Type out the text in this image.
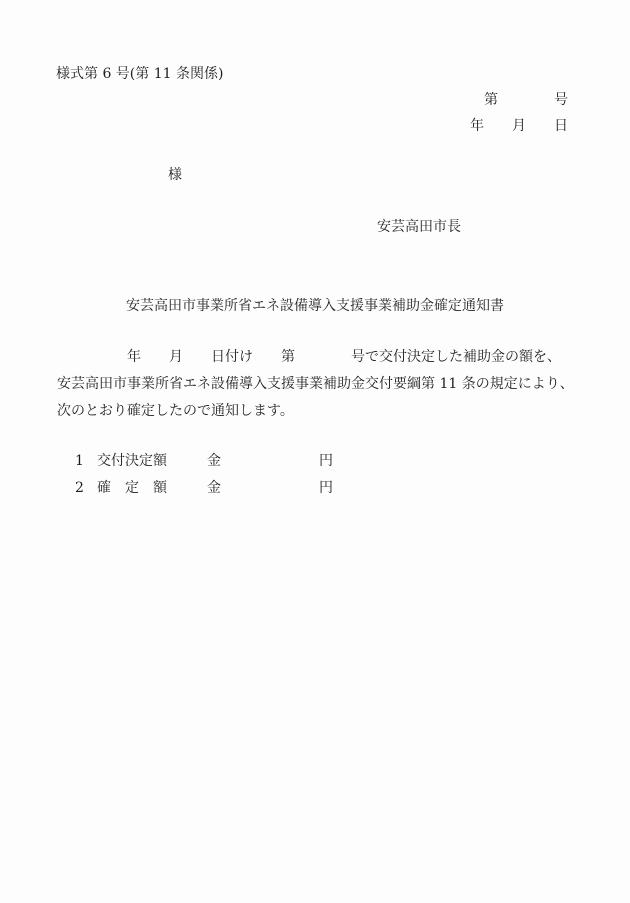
様式第 6 号(第 11 条関係)
第　　　　号
年　　月　　日
様
安芸高田市長
安芸高田市事業所省エネ設備導入支援事業補助金確定通知書
　　　　　年　　月　　日付け　　第　　　　号で交付決定した補助金の額を、
安芸高田市事業所省エネ設備導入支援事業補助金交付要綱第 11 条の規定により、
次のとおり確定したので通知します。
1 交付決定額	金	円
2 確　定　額	金	円
